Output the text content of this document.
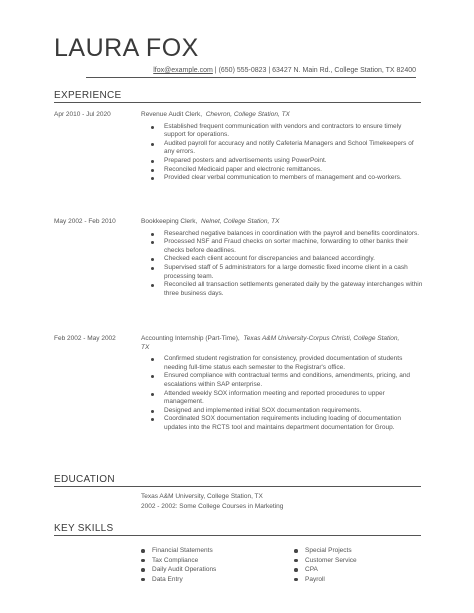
LAURA FOX
lfox@example.com | (650) 555-0823 | 63427 N. Main Rd., College Station, TX 82400
EXPERIENCE
Apr 2010 - Jul 2020	Revenue Audit Clerk, Chevron, College Station, TX
Established frequent communication with vendors and contractors to ensure timely support for operations.
Audited payroll for accuracy and notify Cafeteria Managers and School Timekeepers of any errors.
Prepared posters and advertisements using PowerPoint.
Reconciled Medicaid paper and electronic remittances.
Provided clear verbal communication to members of management and co-workers.
May 2002 - Feb 2010	Bookkeeping Clerk, Nelnet, College Station, TX
Researched negative balances in coordination with the payroll and benefits coordinators.
Processed NSF and Fraud checks on sorter machine, forwarding to other banks their checks before deadlines.
Checked each client account for discrepancies and balanced accordingly.
Supervised staff of 5 administrators for a large domestic fixed income client in a cash processing team.
Reconciled all transaction settlements generated daily by the gateway interchanges within three business days.
Feb 2002 - May 2002	Accounting Internship (Part-Time), Texas A&M University-Corpus Christi, College Station, TX
Confirmed student registration for consistency, provided documentation of students needing full-time status each semester to the Registrar's office.
Ensured compliance with contractual terms and conditions, amendments, pricing, and escalations within SAP enterprise.
Attended weekly SOX information meeting and reported procedures to upper management.
Designed and implemented initial SOX documentation requirements.
Coordinated SOX documentation requirements including loading of documentation updates into the RCTS tool and maintains department documentation for Group.
EDUCATION
Texas A&M University, College Station, TX
2002 - 2002: Some College Courses in Marketing
KEY SKILLS
Financial Statements
Tax Compliance
Daily Audit Operations
Data Entry
Special Projects
Customer Service
CPA
Payroll
